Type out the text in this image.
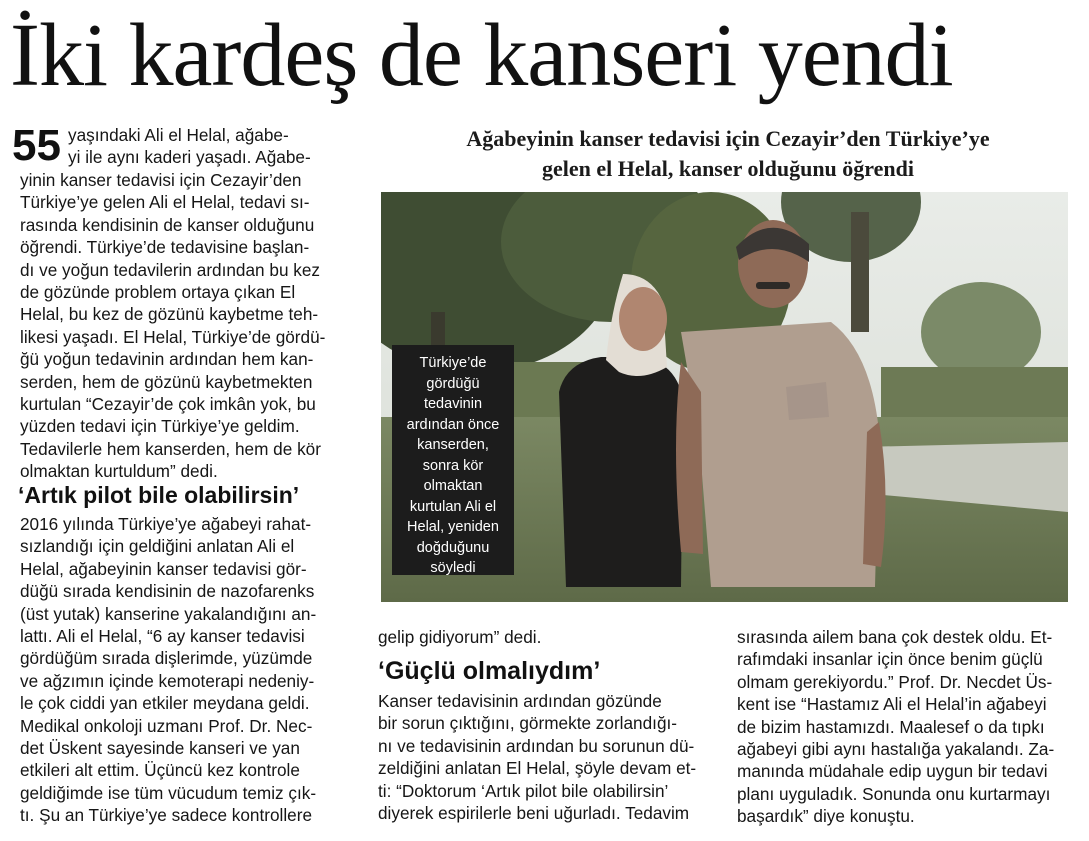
İki kardeş de kanseri yendi
55 yaşındaki Ali el Helal, ağabe-
yi ile aynı kaderi yaşadı. Ağabe-
yinin kanser tedavisi için Cezayir’den
Türkiye’ye gelen Ali el Helal, tedavi sı-
rasında kendisinin de kanser olduğunu
öğrendi. Türkiye’de tedavisine başlan-
dı ve yoğun tedavilerin ardından bu kez
de gözünde problem ortaya çıkan El
Helal, bu kez de gözünü kaybetme teh-
likesi yaşadı. El Helal, Türkiye’de gördü-
ğü yoğun tedavinin ardından hem kan-
serden, hem de gözünü kaybetmekten
kurtulan “Cezayir’de çok imkân yok, bu
yüzden tedavi için Türkiye’ye geldim.
Tedavilerle hem kanserden, hem de kör
olmaktan kurtuldum” dedi.
‘Artık pilot bile olabilirsin’
2016 yılında Türkiye’ye ağabeyi rahat-
sızlandığı için geldiğini anlatan Ali el
Helal, ağabeyinin kanser tedavisi gör-
düğü sırada kendisinin de nazofarenks
(üst yutak) kanserine yakalandığını an-
lattı. Ali el Helal, “6 ay kanser tedavisi
gördüğüm sırada dişlerimde, yüzümde
ve ağzımın içinde kemoterapi nedeniy-
le çok ciddi yan etkiler meydana geldi.
Medikal onkoloji uzmanı Prof. Dr. Nec-
det Üskent sayesinde kanseri ve yan
etkileri alt ettim. Üçüncü kez kontrole
geldiğimde ise tüm vücudum temiz çık-
tı. Şu an Türkiye’ye sadece kontrollere
Ağabeyinin kanser tedavisi için Cezayir’den Türkiye’ye
gelen el Helal, kanser olduğunu öğrendi
Türkiye’de
gördüğü
tedavinin
ardından önce
kanserden,
sonra kör
olmaktan
kurtulan Ali el
Helal, yeniden
doğduğunu
söyledi
gelip gidiyorum” dedi.
‘Güçlü olmalıydım’
Kanser tedavisinin ardından gözünde
bir sorun çıktığını, görmekte zorlandığı-
nı ve tedavisinin ardından bu sorunun dü-
zeldiğini anlatan El Helal, şöyle devam et-
ti: “Doktorum ‘Artık pilot bile olabilirsin’
diyerek espirilerle beni uğurladı. Tedavim
sırasında ailem bana çok destek oldu. Et-
rafımdaki insanlar için önce benim güçlü
olmam gerekiyordu.” Prof. Dr. Necdet Üs-
kent ise “Hastamız Ali el Helal’in ağabeyi
de bizim hastamızdı. Maalesef o da tıpkı
ağabeyi gibi aynı hastalığa yakalandı. Za-
manında müdahale edip uygun bir tedavi
planı uyguladık. Sonunda onu kurtarmayı
başardık” diye konuştu.
